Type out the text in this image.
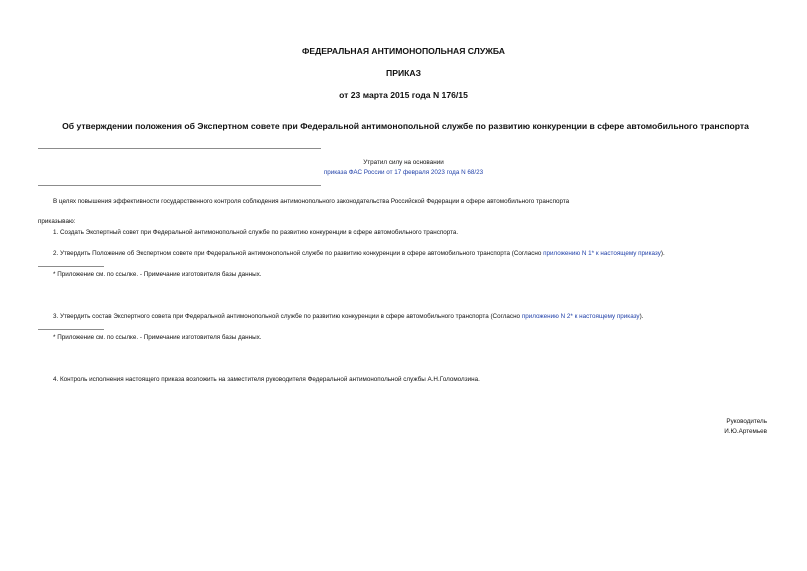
ФЕДЕРАЛЬНАЯ АНТИМОНОПОЛЬНАЯ СЛУЖБА
ПРИКАЗ
от 23 марта 2015 года N 176/15
Об утверждении положения об Экспертном совете при Федеральной антимонопольной службе по развитию конкуренции в сфере автомобильного транспорта
Утратил силу на основании
приказа ФАС России от 17 февраля 2023 года N 68/23
В целях повышения эффективности государственного контроля соблюдения антимонопольного законодательства Российской Федерации в сфере автомобильного транспорта
приказываю:
1. Создать Экспертный совет при Федеральной антимонопольной службе по развитию конкуренции в сфере автомобильного транспорта.
2. Утвердить Положение об Экспертном совете при Федеральной антимонопольной службе по развитию конкуренции в сфере автомобильного транспорта (Согласно приложению N 1* к настоящему приказу).
* Приложение см. по ссылке. - Примечание изготовителя базы данных.
3. Утвердить состав Экспертного совета при Федеральной антимонопольной службе по развитию конкуренции в сфере автомобильного транспорта (Согласно приложению N 2* к настоящему приказу).
* Приложение см. по ссылке. - Примечание изготовителя базы данных.
4. Контроль исполнения настоящего приказа возложить на заместителя руководителя Федеральной антимонопольной службы А.Н.Голомолзина.
Руководитель
И.Ю.Артемьев
